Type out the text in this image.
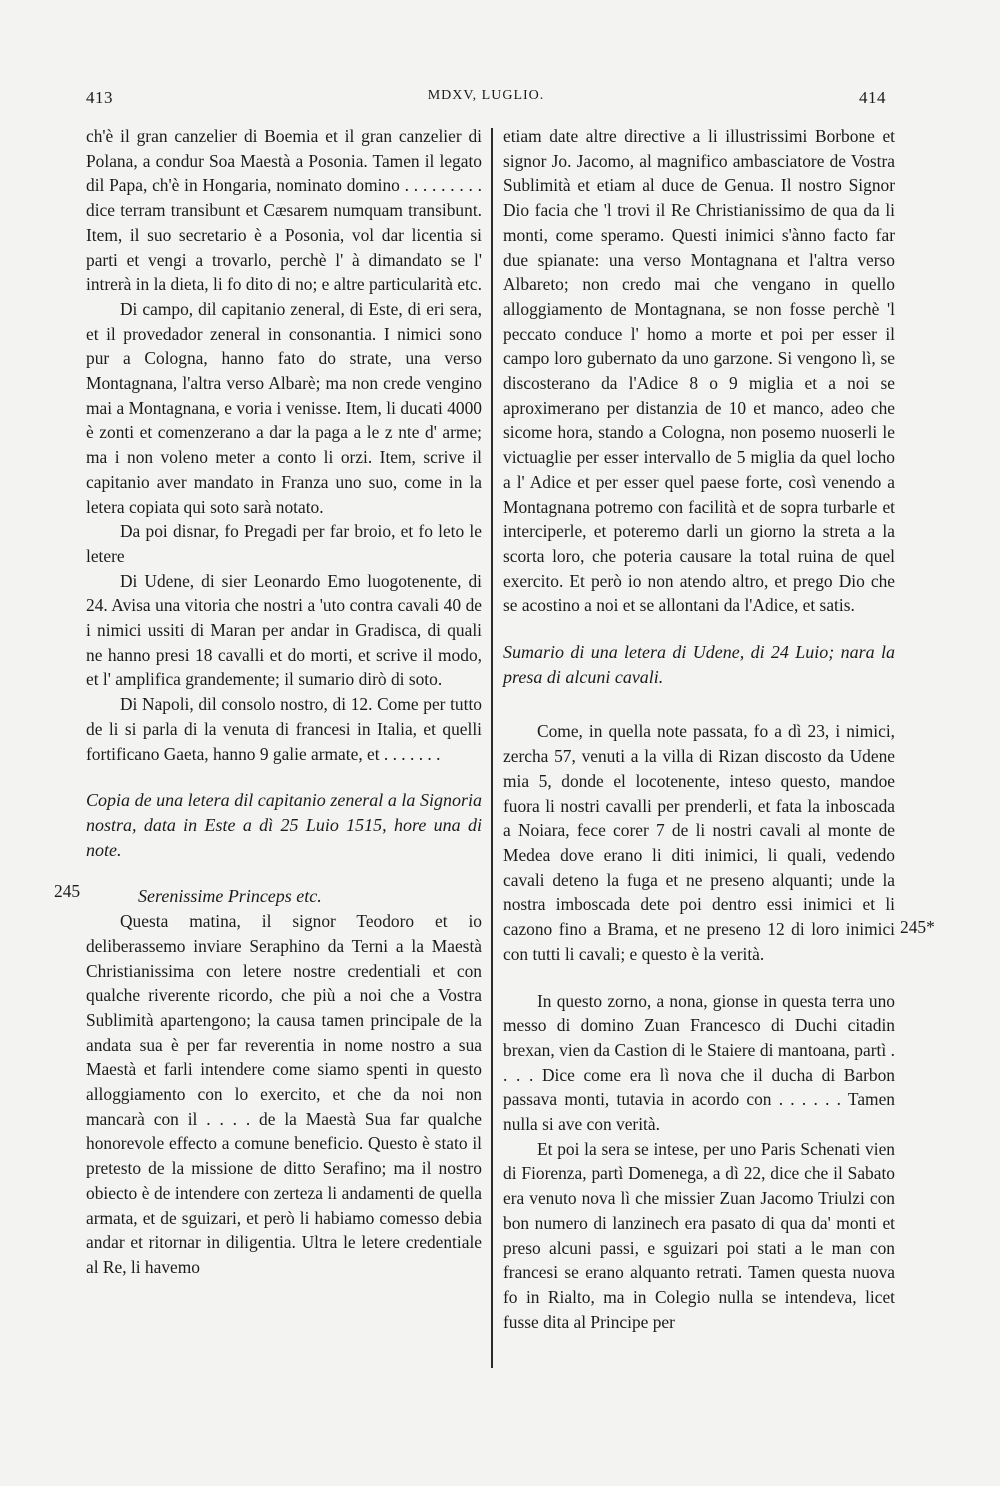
413	MDXV, LUGLIO.	414
245
245*

ch'è il gran canzelier di Boemia et il gran canzelier di Polana, a condur Soa Maestà a Posonia. Tamen il legato dil Papa, ch'è in Hongaria, nominato domino . . . . . . . . . dice terram transibunt et Cæsarem numquam transibunt. Item, il suo secretario è a Posonia, vol dar licentia si parti et vengi a trovarlo, perchè l' à dimandato se l' intrerà in la dieta, li fo dito di no; e altre particularità etc.

Di campo, dil capitanio zeneral, di Este, di eri sera, et il provedador zeneral in consonantia. I nimici sono pur a Cologna, hanno fato do strate, una verso Montagnana, l'altra verso Albarè; ma non crede vengino mai a Montagnana, e voria i venisse. Item, li ducati 4000 è zonti et comenzerano a dar la paga a le z nte d' arme; ma i non voleno meter a conto li orzi. Item, scrive il capitanio aver mandato in Franza uno suo, come in la letera copiata qui soto sarà notato.

Da poi disnar, fo Pregadi per far broio, et fo leto le letere

Di Udene, di sier Leonardo Emo luogotenente, di 24. Avisa una vitoria che nostri a 'uto contra cavali 40 de i nimici ussiti di Maran per andar in Gradisca, di quali ne hanno presi 18 cavalli et do morti, et scrive il modo, et l' amplifica grandemente; il sumario dirò di soto.

Di Napoli, dil consolo nostro, di 12. Come per tutto de li si parla di la venuta di francesi in Italia, et quelli fortificano Gaeta, hanno 9 galie armate, et . . . . . . .

Copia de una letera dil capitanio zeneral a la Signoria nostra, data in Este a dì 25 Luio 1515, hore una di note.

Serenissime Princeps etc.

Questa matina, il signor Teodoro et io deliberassemo inviare Seraphino da Terni a la Maestà Christianissima con letere nostre credentiali et con qualche riverente ricordo, che più a noi che a Vostra Sublimità apartengono; la causa tamen principale de la andata sua è per far reverentia in nome nostro a sua Maestà et farli intendere come siamo spenti in questo alloggiamento con lo exercito, et che da noi non mancarà con il . . . . de la Maestà Sua far qualche honorevole effecto a comune beneficio. Questo è stato il pretesto de la missione de ditto Serafino; ma il nostro obiecto è de intendere con zerteza li andamenti de quella armata, et de sguizari, et però li habiamo comesso debia andar et ritornar in diligentia. Ultra le letere credentiale al Re, li havemo

etiam date altre directive a li illustrissimi Borbone et signor Jo. Jacomo, al magnifico ambasciatore de Vostra Sublimità et etiam al duce de Genua. Il nostro Signor Dio facia che 'l trovi il Re Christianissimo de qua da li monti, come speramo. Questi inimici s'ànno facto far due spianate: una verso Montagnana et l'altra verso Albareto; non credo mai che vengano in quello alloggiamento de Montagnana, se non fosse perchè 'l peccato conduce l' homo a morte et poi per esser il campo loro gubernato da uno garzone. Si vengono lì, se discosterano da l'Adice 8 o 9 miglia et a noi se aproximerano per distanzia de 10 et manco, adeo che sicome hora, stando a Cologna, non posemo nuoserli le victuaglie per esser intervallo de 5 miglia da quel locho a l' Adice et per esser quel paese forte, così venendo a Montagnana potremo con facilità et de sopra turbarle et interciperle, et poteremo darli un giorno la streta a la scorta loro, che poteria causare la total ruina de quel exercito. Et però io non atendo altro, et prego Dio che se acostino a noi et se allontani da l'Adice, et satis.

Sumario di una letera di Udene, di 24 Luio; nara la presa di alcuni cavali.

Come, in quella note passata, fo a dì 23, i nimici, zercha 57, venuti a la villa di Rizan discosto da Udene mia 5, donde el locotenente, inteso questo, mandoe fuora li nostri cavalli per prenderli, et fata la inboscada a Noiara, fece corer 7 de li nostri cavali al monte de Medea dove erano li diti inimici, li quali, vedendo cavali deteno la fuga et ne preseno alquanti; unde la nostra imboscada dete poi dentro essi inimici et li cazono fino a Brama, et ne preseno 12 di loro inimici con tutti li cavali; e questo è la verità.

In questo zorno, a nona, gionse in questa terra uno messo di domino Zuan Francesco di Duchi citadin brexan, vien da Castion di le Staiere di mantoana, partì . . . . Dice come era lì nova che il ducha di Barbon passava monti, tutavia in acordo con . . . . . . Tamen nulla si ave con verità.

Et poi la sera se intese, per uno Paris Schenati vien di Fiorenza, partì Domenega, a dì 22, dice che il Sabato era venuto nova lì che missier Zuan Jacomo Triulzi con bon numero di lanzinech era pasato di qua da' monti et preso alcuni passi, e sguizari poi stati a le man con francesi se erano alquanto retrati. Tamen questa nuova fo in Rialto, ma in Colegio nulla se intendeva, licet fusse dita al Principe per
